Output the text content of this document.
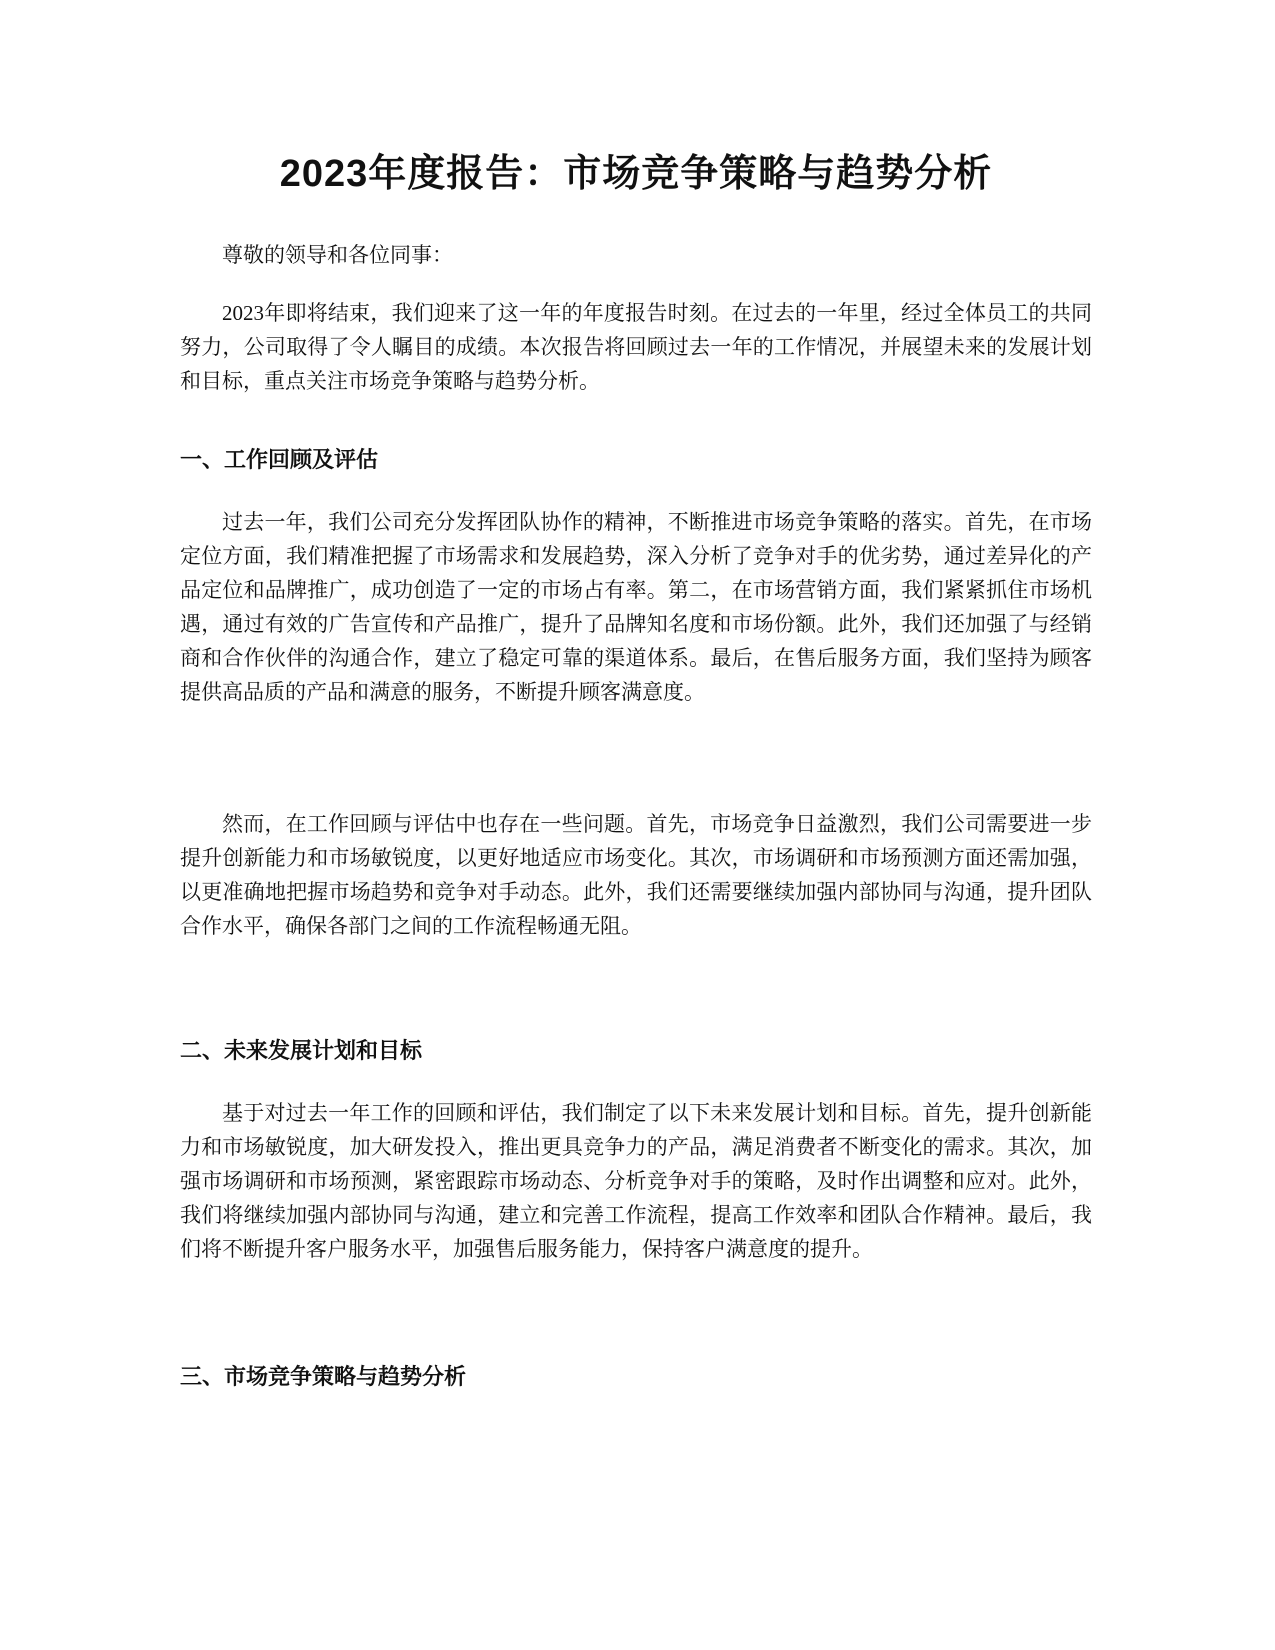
2023年度报告：市场竞争策略与趋势分析

尊敬的领导和各位同事：

2023年即将结束，我们迎来了这一年的年度报告时刻。在过去的一年里，经过全体员工的共同努力，公司取得了令人瞩目的成绩。本次报告将回顾过去一年的工作情况，并展望未来的发展计划和目标，重点关注市场竞争策略与趋势分析。

一、工作回顾及评估

过去一年，我们公司充分发挥团队协作的精神，不断推进市场竞争策略的落实。首先，在市场定位方面，我们精准把握了市场需求和发展趋势，深入分析了竞争对手的优劣势，通过差异化的产品定位和品牌推广，成功创造了一定的市场占有率。第二，在市场营销方面，我们紧紧抓住市场机遇，通过有效的广告宣传和产品推广，提升了品牌知名度和市场份额。此外，我们还加强了与经销商和合作伙伴的沟通合作，建立了稳定可靠的渠道体系。最后，在售后服务方面，我们坚持为顾客提供高品质的产品和满意的服务，不断提升顾客满意度。

然而，在工作回顾与评估中也存在一些问题。首先，市场竞争日益激烈，我们公司需要进一步提升创新能力和市场敏锐度，以更好地适应市场变化。其次，市场调研和市场预测方面还需加强，以更准确地把握市场趋势和竞争对手动态。此外，我们还需要继续加强内部协同与沟通，提升团队合作水平，确保各部门之间的工作流程畅通无阻。

二、未来发展计划和目标

基于对过去一年工作的回顾和评估，我们制定了以下未来发展计划和目标。首先，提升创新能力和市场敏锐度，加大研发投入，推出更具竞争力的产品，满足消费者不断变化的需求。其次，加强市场调研和市场预测，紧密跟踪市场动态、分析竞争对手的策略，及时作出调整和应对。此外，我们将继续加强内部协同与沟通，建立和完善工作流程，提高工作效率和团队合作精神。最后，我们将不断提升客户服务水平，加强售后服务能力，保持客户满意度的提升。

三、市场竞争策略与趋势分析
